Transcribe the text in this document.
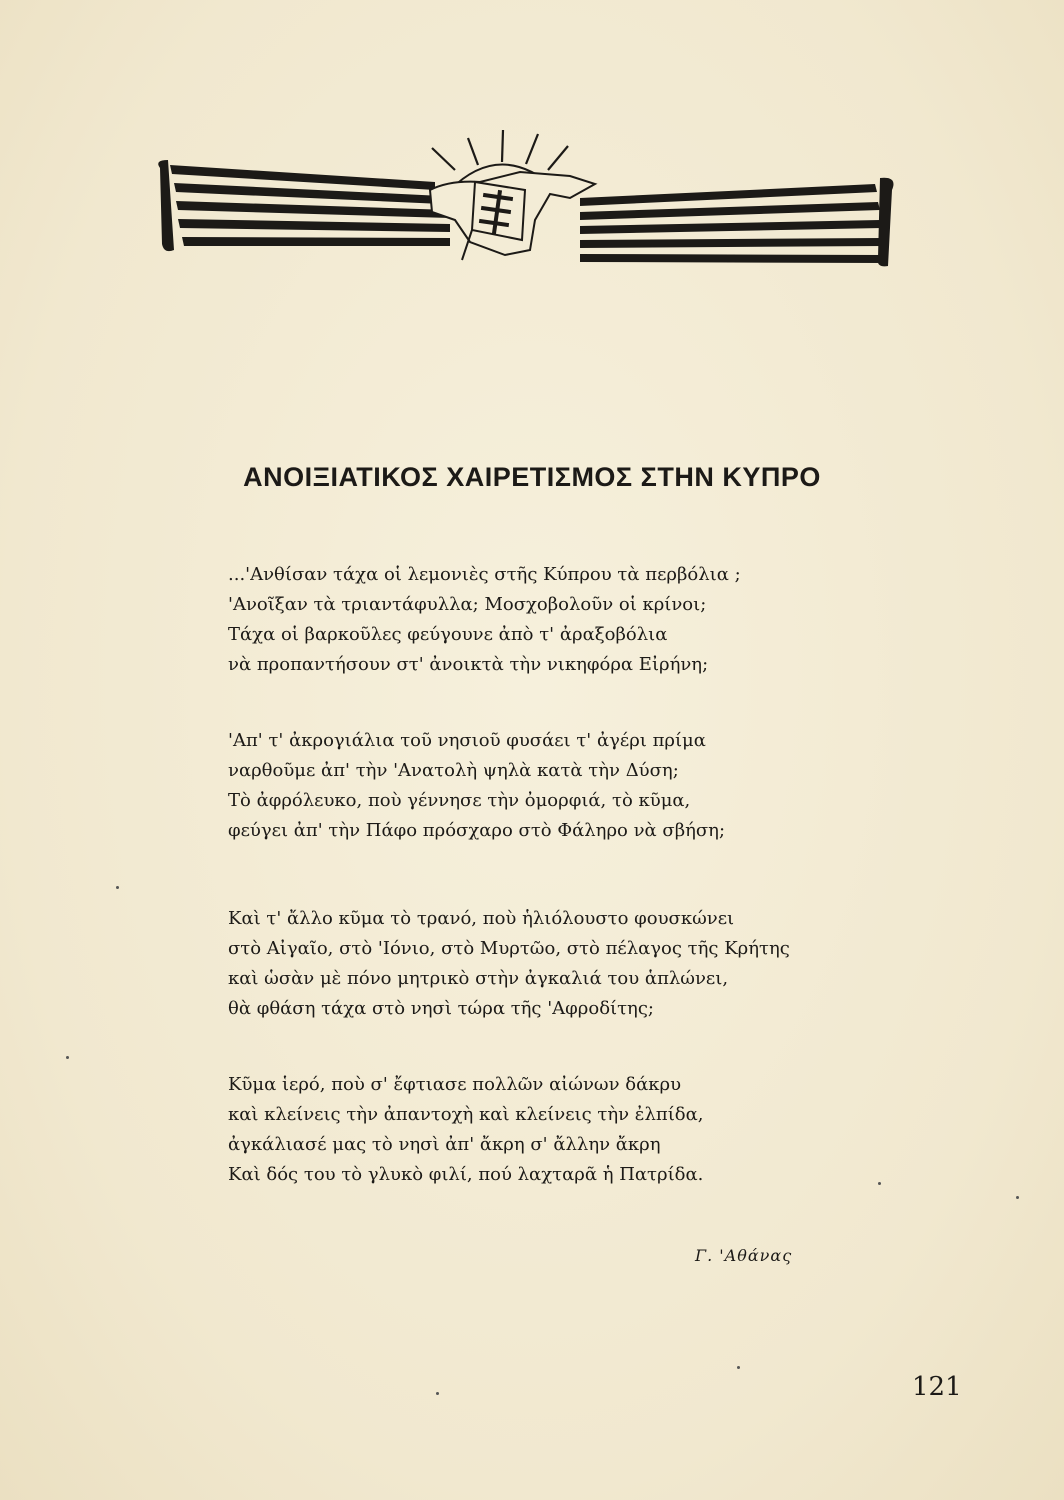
ΑΝΟΙΞΙΑΤΙΚΟΣ ΧΑΙΡΕΤΙΣΜΟΣ ΣΤΗΝ ΚΥΠΡΟ
...'Ανθίσαν τάχα οἱ λεμονιὲς στῆς Κύπρου τὰ περβόλια ;
'Ανοῖξαν τὰ τριαντάφυλλα; Μοσχοβολοῦν οἱ κρίνοι;
Τάχα οἱ βαρκοῦλες φεύγουνε ἀπὸ τ' ἀραξοβόλια
νὰ προπαντήσουν στ' ἀνοικτὰ τὴν νικηφόρα Εἰρήνη;
'Απ' τ' ἀκρογιάλια τοῦ νησιοῦ φυσάει τ' ἀγέρι πρίμα
ναρθοῦμε ἀπ' τὴν 'Ανατολὴ ψηλὰ κατὰ τὴν Δύση;
Τὸ ἀφρόλευκο, ποὺ γέννησε τὴν ὀμορφιά, τὸ κῦμα,
φεύγει ἀπ' τὴν Πάφο πρόσχαρο στὸ Φάληρο νὰ σβήση;
Καὶ τ' ἄλλο κῦμα τὸ τρανό, ποὺ ἡλιόλουστο φουσκώνει
στὸ Αἰγαῖο, στὸ 'Ιόνιο, στὸ Μυρτῶο, στὸ πέλαγος τῆς Κρήτης
καὶ ὡσὰν μὲ πόνο μητρικὸ στὴν ἀγκαλιά του ἁπλώνει,
θὰ φθάση τάχα στὸ νησὶ τώρα τῆς 'Αφροδίτης;
Κῦμα ἱερό, ποὺ σ' ἔφτιασε πολλῶν αἰώνων δάκρυ
καὶ κλείνεις τὴν ἀπαντοχὴ καὶ κλείνεις τὴν ἐλπίδα,
ἀγκάλιασέ μας τὸ νησὶ ἀπ' ἄκρη σ' ἄλλην ἄκρη
Καὶ δός του τὸ γλυκὸ φιλί, πού λαχταρᾶ ἡ Πατρίδα.
Γ. 'Αθάνας
121
